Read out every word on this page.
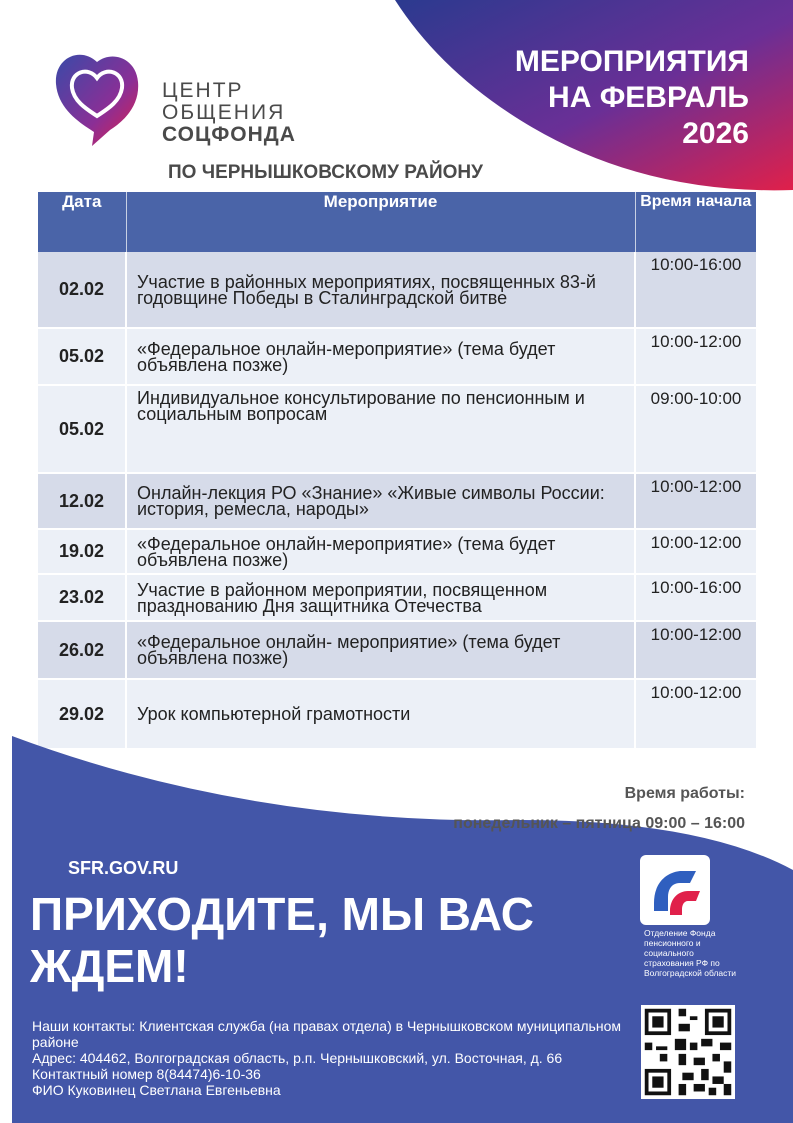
ЦЕНТР
ОБЩЕНИЯ
СОЦФОНДА
ПО ЧЕРНЫШКОВСКОМУ РАЙОНУ
МЕРОПРИЯТИЯ
НА ФЕВРАЛЬ
2026
Дата	Мероприятие	Время начала
02.02	Участие в районных мероприятиях, посвященных 83-й годовщине Победы в Сталинградской битве	10:00-16:00
05.02	«Федеральное онлайн-мероприятие» (тема будет объявлена позже)	10:00-12:00
05.02	Индивидуальное консультирование по пенсионным и социальным вопросам	09:00-10:00
12.02	Онлайн-лекция РО «Знание» «Живые символы России: история, ремесла, народы»	10:00-12:00
19.02	«Федеральное онлайн-мероприятие» (тема будет объявлена позже)	10:00-12:00
23.02	Участие в районном мероприятии, посвященном празднованию Дня защитника Отечества	10:00-16:00
26.02	«Федеральное онлайн- мероприятие» (тема будет объявлена позже)	10:00-12:00
29.02	Урок компьютерной грамотности	10:00-12:00
Время работы:
понедельник – пятница 09:00 – 16:00
SFR.GOV.RU
ПРИХОДИТЕ, МЫ ВАС ЖДЕМ!
Отделение Фонда пенсионного и социального страхования РФ по Волгоградской области
Наши контакты: Клиентская служба (на правах отдела) в Чернышковском муниципальном районе
Адрес: 404462, Волгоградская область, р.п. Чернышковский, ул. Восточная, д. 66
Контактный номер 8(84474)6-10-36
ФИО Куковинец Светлана Евгеньевна
